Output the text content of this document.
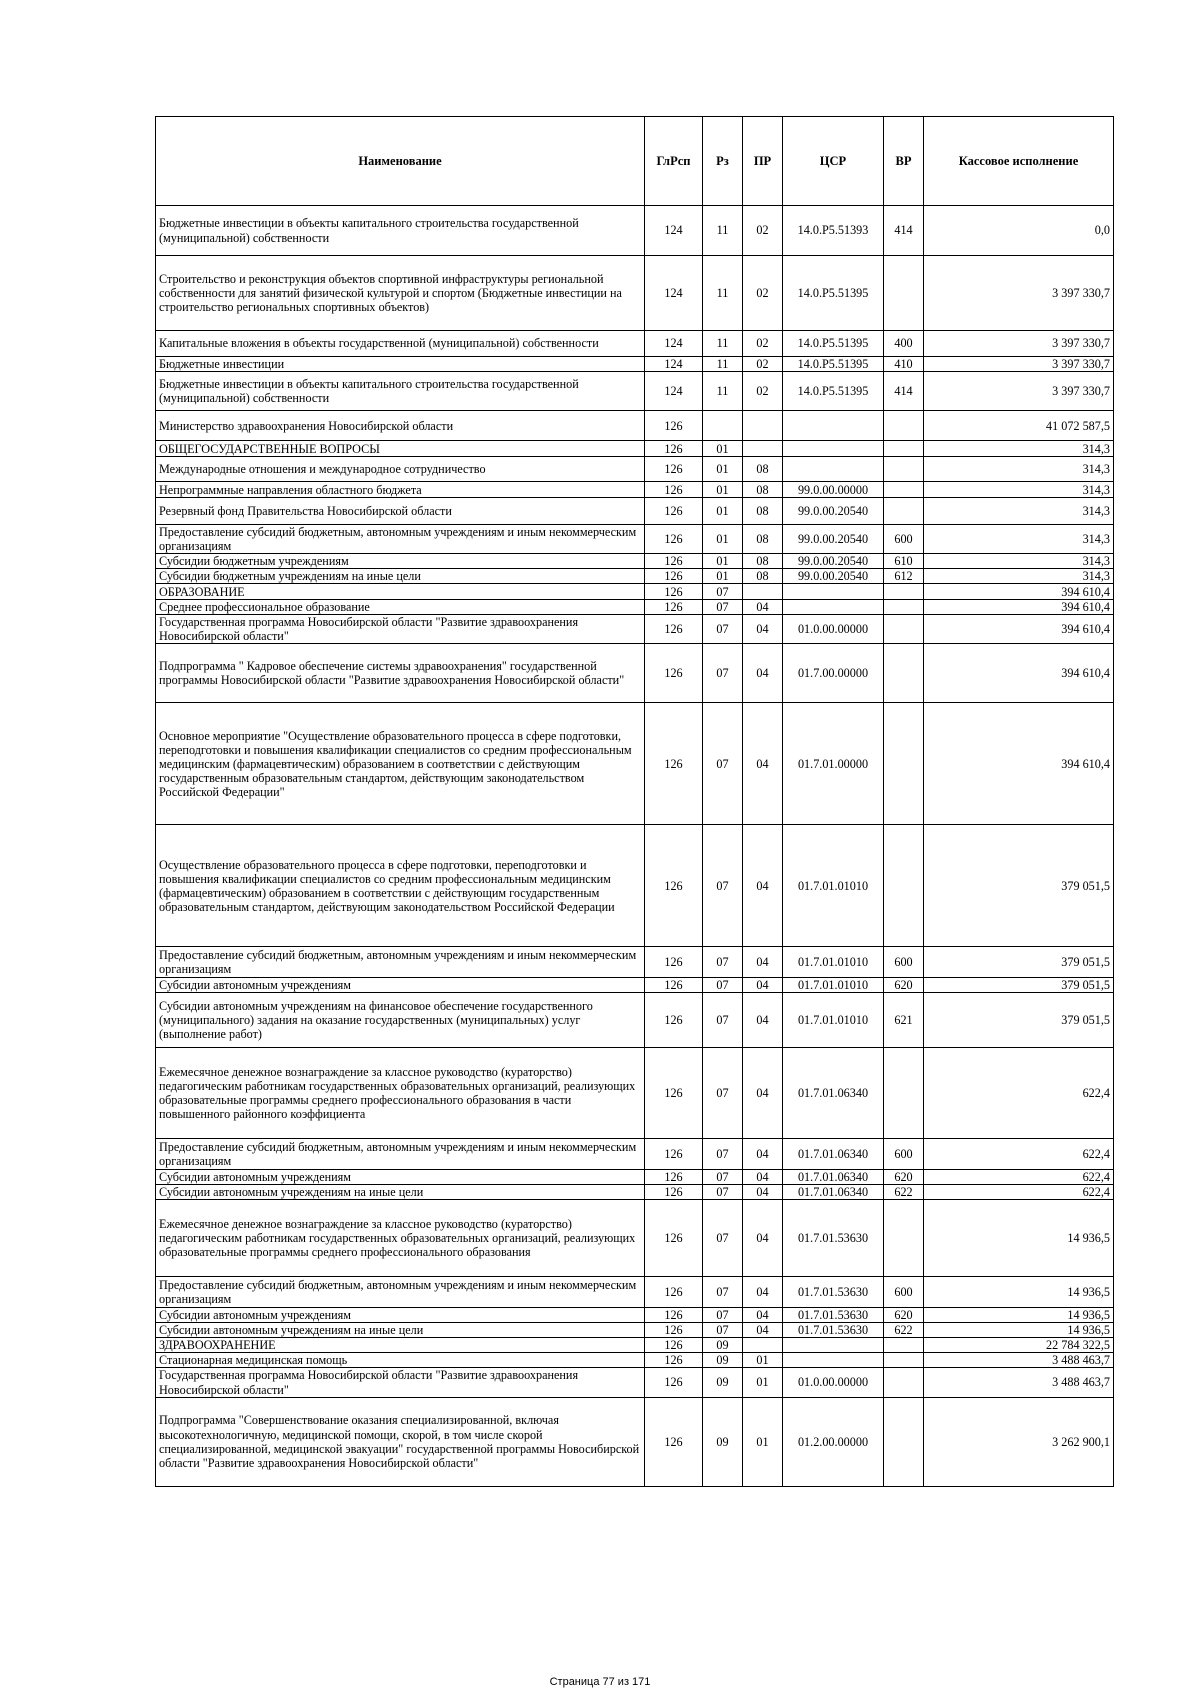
Наименование	ГлРсп	Рз	ПР	ЦСР	ВР	Кассовое исполнение
Бюджетные инвестиции в объекты капитального строительства государственной (муниципальной) собственности	124	11	02	14.0.P5.51393	414	0,0
Строительство и реконструкция объектов спортивной инфраструктуры региональной собственности для занятий физической культурой и спортом (Бюджетные инвестиции на строительство региональных спортивных объектов)	124	11	02	14.0.P5.51395		3 397 330,7
Капитальные вложения в объекты государственной (муниципальной) собственности	124	11	02	14.0.P5.51395	400	3 397 330,7
Бюджетные инвестиции	124	11	02	14.0.P5.51395	410	3 397 330,7
Бюджетные инвестиции в объекты капитального строительства государственной (муниципальной) собственности	124	11	02	14.0.P5.51395	414	3 397 330,7
Министерство здравоохранения Новосибирской области	126					41 072 587,5
ОБЩЕГОСУДАРСТВЕННЫЕ ВОПРОСЫ	126	01				314,3
Международные отношения и международное сотрудничество	126	01	08			314,3
Непрограммные направления областного бюджета	126	01	08	99.0.00.00000		314,3
Резервный фонд Правительства Новосибирской области	126	01	08	99.0.00.20540		314,3
Предоставление субсидий бюджетным, автономным учреждениям и иным некоммерческим организациям	126	01	08	99.0.00.20540	600	314,3
Субсидии бюджетным учреждениям	126	01	08	99.0.00.20540	610	314,3
Субсидии бюджетным учреждениям на иные цели	126	01	08	99.0.00.20540	612	314,3
ОБРАЗОВАНИЕ	126	07				394 610,4
Среднее профессиональное образование	126	07	04			394 610,4
Государственная программа Новосибирской области "Развитие здравоохранения Новосибирской области"	126	07	04	01.0.00.00000		394 610,4
Подпрограмма " Кадровое обеспечение системы здравоохранения" государственной программы Новосибирской области "Развитие здравоохранения Новосибирской области"	126	07	04	01.7.00.00000		394 610,4
Основное мероприятие "Осуществление образовательного процесса в сфере подготовки, переподготовки и повышения квалификации специалистов со средним профессиональным медицинским (фармацевтическим) образованием в соответствии с действующим государственным образовательным стандартом, действующим законодательством Российской Федерации"	126	07	04	01.7.01.00000		394 610,4
Осуществление образовательного процесса в сфере подготовки, переподготовки и повышения квалификации специалистов со средним профессиональным медицинским (фармацевтическим) образованием в соответствии с действующим государственным образовательным стандартом, действующим законодательством Российской Федерации	126	07	04	01.7.01.01010		379 051,5
Предоставление субсидий бюджетным, автономным учреждениям и иным некоммерческим организациям	126	07	04	01.7.01.01010	600	379 051,5
Субсидии автономным учреждениям	126	07	04	01.7.01.01010	620	379 051,5
Субсидии автономным учреждениям на финансовое обеспечение государственного (муниципального) задания на оказание государственных (муниципальных) услуг (выполнение работ)	126	07	04	01.7.01.01010	621	379 051,5
Ежемесячное денежное вознаграждение за классное руководство (кураторство) педагогическим работникам государственных образовательных организаций, реализующих образовательные программы среднего профессионального образования в части повышенного районного коэффициента	126	07	04	01.7.01.06340		622,4
Предоставление субсидий бюджетным, автономным учреждениям и иным некоммерческим организациям	126	07	04	01.7.01.06340	600	622,4
Субсидии автономным учреждениям	126	07	04	01.7.01.06340	620	622,4
Субсидии автономным учреждениям на иные цели	126	07	04	01.7.01.06340	622	622,4
Ежемесячное денежное вознаграждение за классное руководство (кураторство) педагогическим работникам государственных образовательных организаций, реализующих образовательные программы среднего профессионального образования	126	07	04	01.7.01.53630		14 936,5
Предоставление субсидий бюджетным, автономным учреждениям и иным некоммерческим организациям	126	07	04	01.7.01.53630	600	14 936,5
Субсидии автономным учреждениям	126	07	04	01.7.01.53630	620	14 936,5
Субсидии автономным учреждениям на иные цели	126	07	04	01.7.01.53630	622	14 936,5
ЗДРАВООХРАНЕНИЕ	126	09				22 784 322,5
Стационарная медицинская помощь	126	09	01			3 488 463,7
Государственная программа Новосибирской области "Развитие здравоохранения Новосибирской области"	126	09	01	01.0.00.00000		3 488 463,7
Подпрограмма "Совершенствование оказания специализированной, включая высокотехнологичную, медицинской помощи, скорой, в том числе скорой специализированной, медицинской эвакуации" государственной программы Новосибирской области "Развитие здравоохранения Новосибирской области"	126	09	01	01.2.00.00000		3 262 900,1
Страница 77 из 171
